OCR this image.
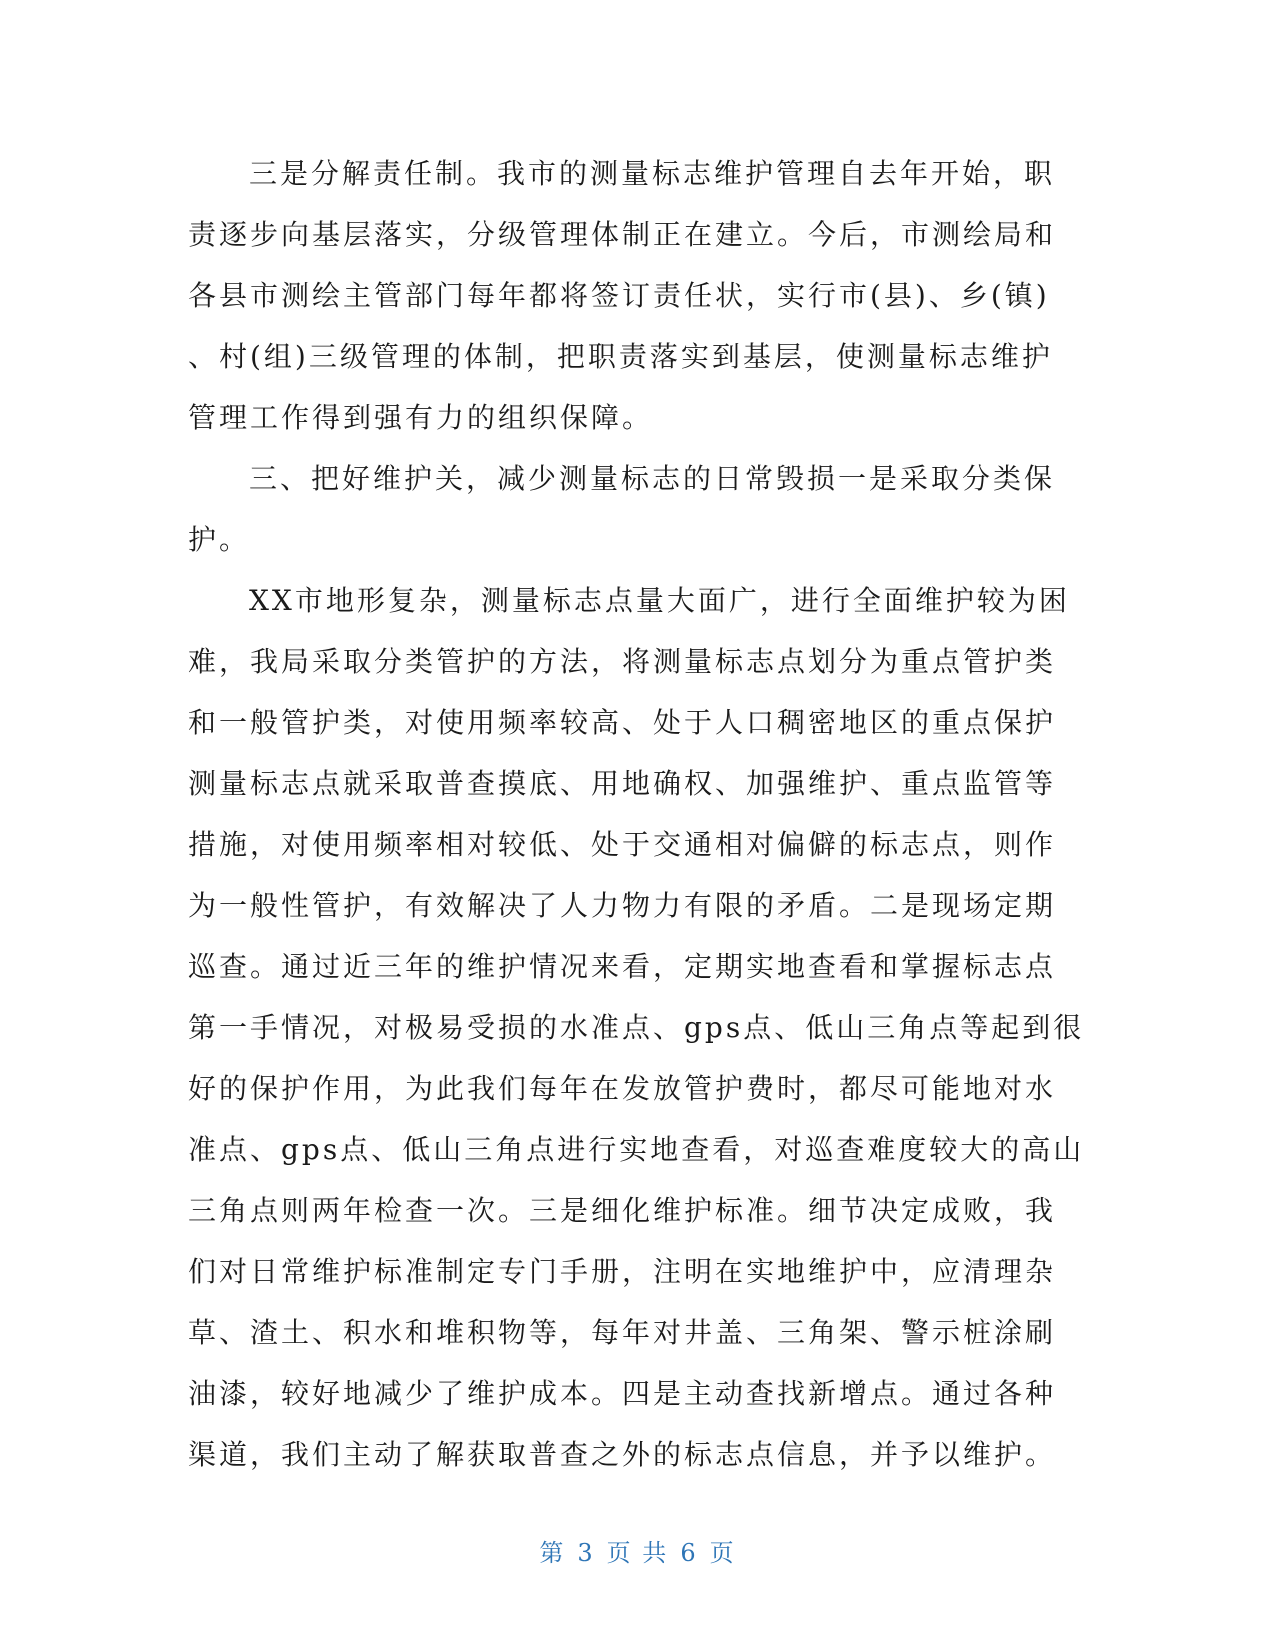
三是分解责任制。我市的测量标志维护管理自去年开始，职
责逐步向基层落实，分级管理体制正在建立。今后，市测绘局和
各县市测绘主管部门每年都将签订责任状，实行市(县)、乡(镇)
、村(组)三级管理的体制，把职责落实到基层，使测量标志维护
管理工作得到强有力的组织保障。
三、把好维护关，减少测量标志的日常毁损一是采取分类保
护。
XX市地形复杂，测量标志点量大面广，进行全面维护较为困
难，我局采取分类管护的方法，将测量标志点划分为重点管护类
和一般管护类，对使用频率较高、处于人口稠密地区的重点保护
测量标志点就采取普查摸底、用地确权、加强维护、重点监管等
措施，对使用频率相对较低、处于交通相对偏僻的标志点，则作
为一般性管护，有效解决了人力物力有限的矛盾。二是现场定期
巡查。通过近三年的维护情况来看，定期实地查看和掌握标志点
第一手情况，对极易受损的水准点、gps点、低山三角点等起到很
好的保护作用，为此我们每年在发放管护费时，都尽可能地对水
准点、gps点、低山三角点进行实地查看，对巡查难度较大的高山
三角点则两年检查一次。三是细化维护标准。细节决定成败，我
们对日常维护标准制定专门手册，注明在实地维护中，应清理杂
草、渣土、积水和堆积物等，每年对井盖、三角架、警示桩涂刷
油漆，较好地减少了维护成本。四是主动查找新增点。通过各种
渠道，我们主动了解获取普查之外的标志点信息，并予以维护。
第 3 页 共 6 页
